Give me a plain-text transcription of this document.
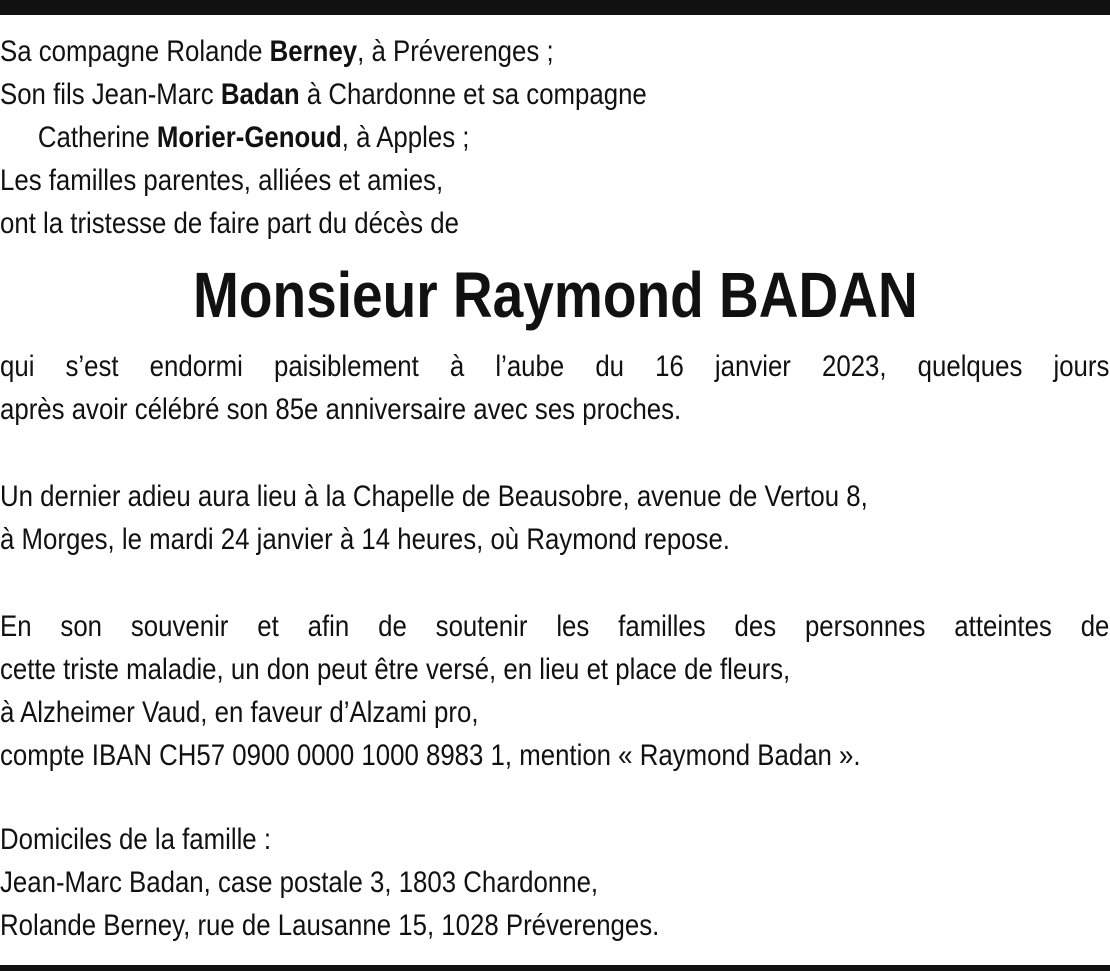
Sa compagne Rolande Berney, à Préverenges ;
Son fils Jean-Marc Badan à Chardonne et sa compagne
Catherine Morier-Genoud, à Apples ;
Les familles parentes, alliées et amies,
ont la tristesse de faire part du décès de
Monsieur Raymond BADAN
qui s’est endormi paisiblement à l’aube du 16 janvier 2023, quelques jours
après avoir célébré son 85e anniversaire avec ses proches.
Un dernier adieu aura lieu à la Chapelle de Beausobre, avenue de Vertou 8,
à Morges, le mardi 24 janvier à 14 heures, où Raymond repose.
En son souvenir et afin de soutenir les familles des personnes atteintes de
cette triste maladie, un don peut être versé, en lieu et place de fleurs,
à Alzheimer Vaud, en faveur d’Alzami pro,
compte IBAN CH57 0900 0000 1000 8983 1, mention « Raymond Badan ».
Domiciles de la famille :
Jean-Marc Badan, case postale 3, 1803 Chardonne,
Rolande Berney, rue de Lausanne 15, 1028 Préverenges.
